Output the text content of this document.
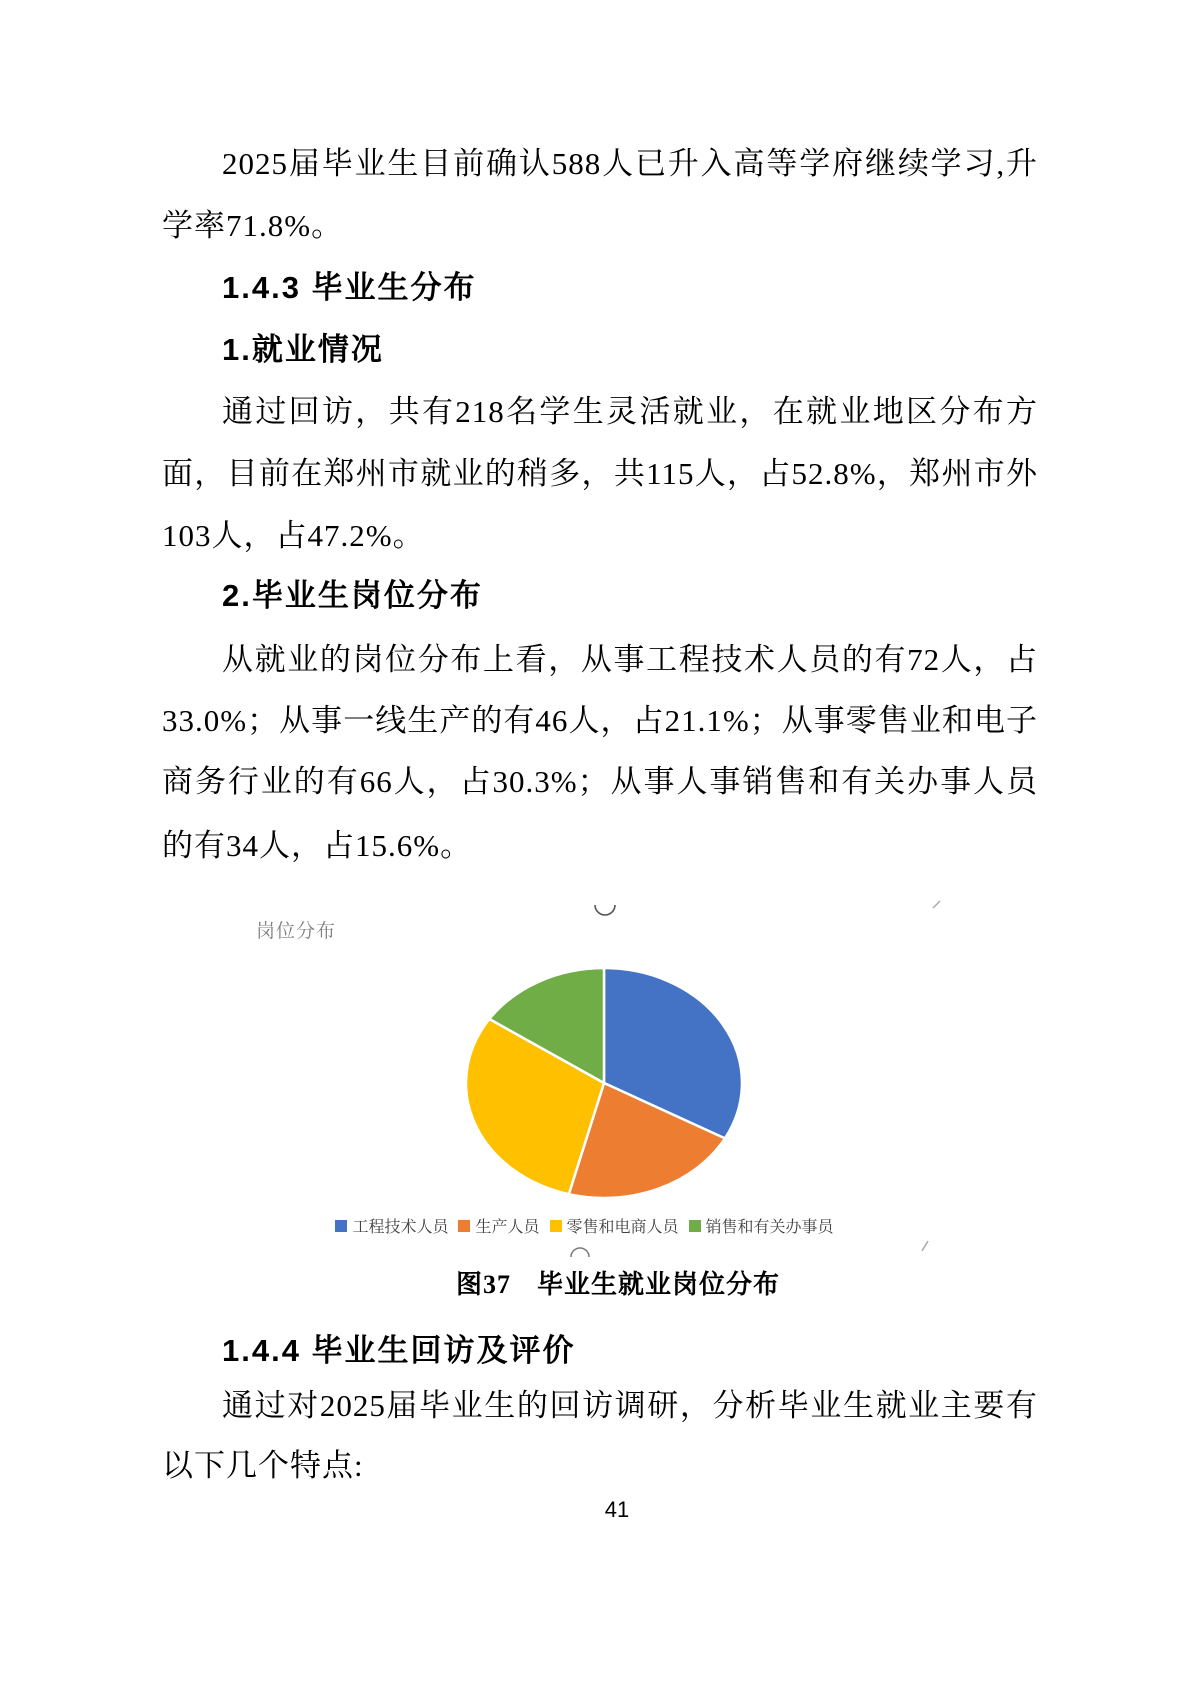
2025届毕业生目前确认588人已升入高等学府继续学习,升
学率71.8%。
1.4.3 毕业生分布
1.就业情况
通过回访，共有218名学生灵活就业，在就业地区分布方
面，目前在郑州市就业的稍多，共115人，占52.8%，郑州市外
103人，占47.2%。
2.毕业生岗位分布
从就业的岗位分布上看，从事工程技术人员的有72人，占
33.0%；从事一线生产的有46人，占21.1%；从事零售业和电子
商务行业的有66人，占30.3%；从事人事销售和有关办事人员
的有34人，占15.6%。
岗位分布
工程技术人员 生产人员 零售和电商人员 销售和有关办事员
图37 毕业生就业岗位分布
1.4.4 毕业生回访及评价
通过对2025届毕业生的回访调研，分析毕业生就业主要有
以下几个特点:
41
